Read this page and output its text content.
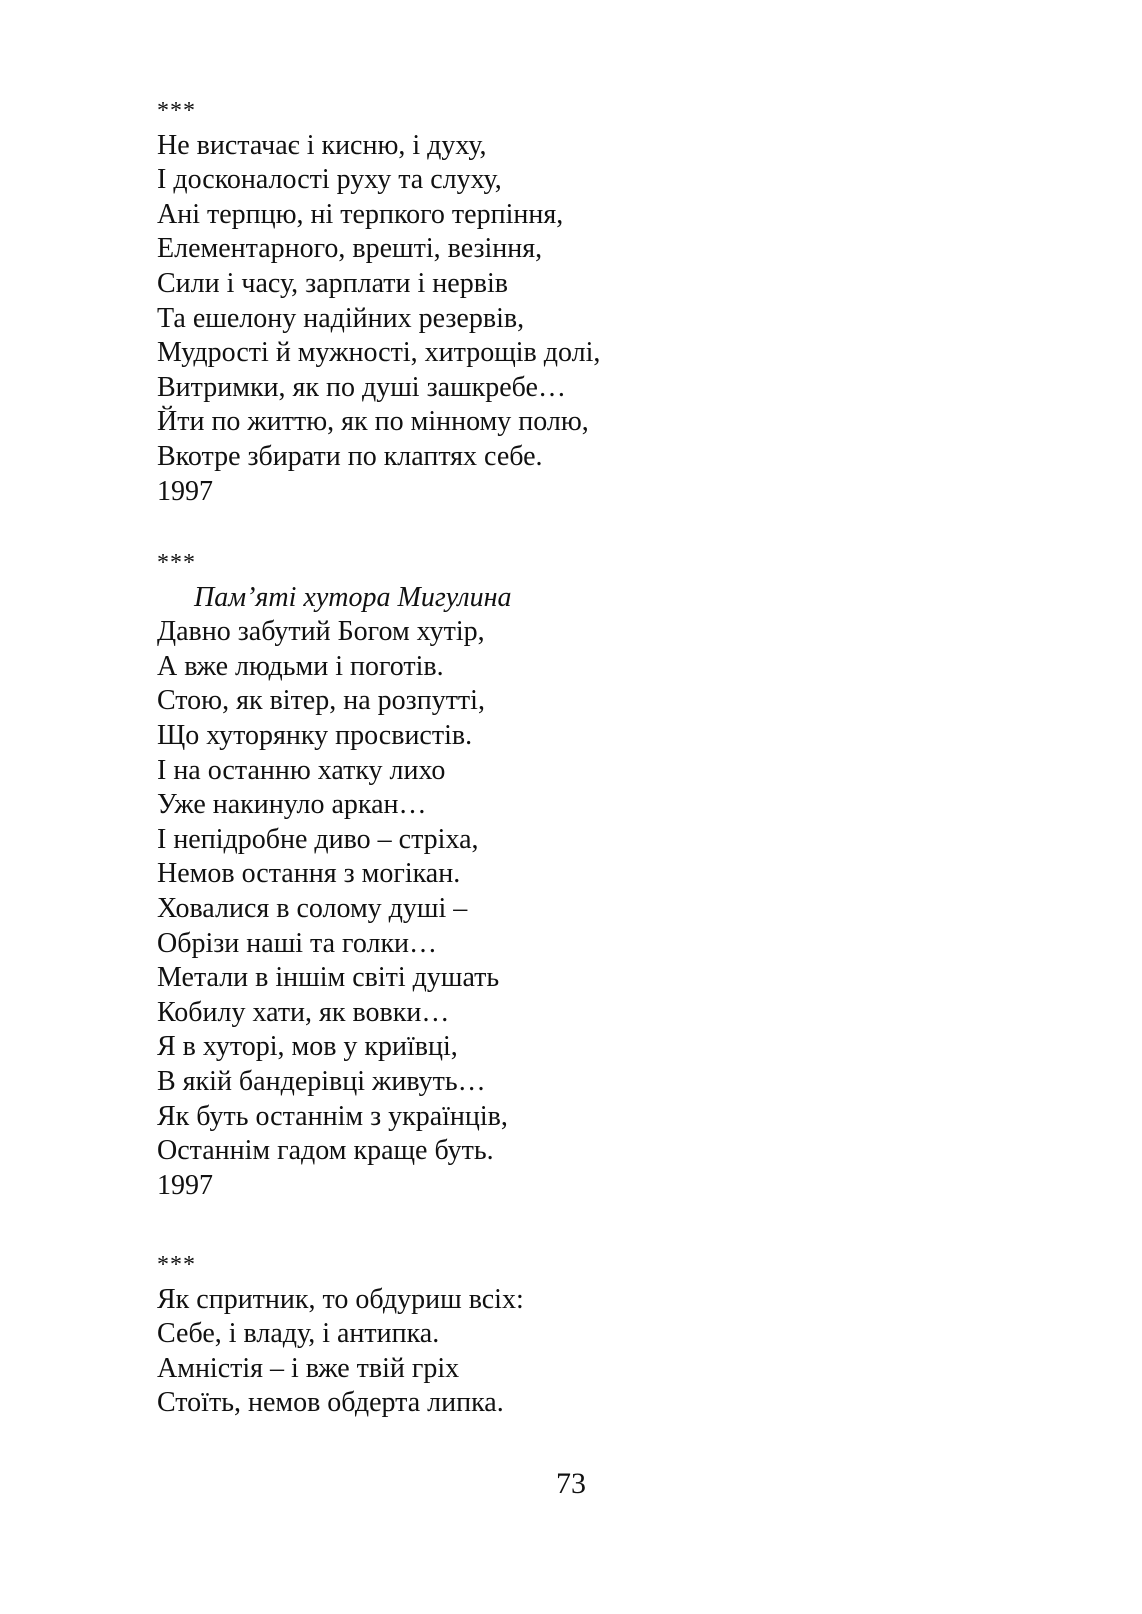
***
Не вистачає і кисню, і духу,
І досконалості руху та слуху,
Ані терпцю, ні терпкого терпіння,
Елементарного, врешті, везіння,
Сили і часу, зарплати і нервів
Та ешелону надійних резервів,
Мудрості й мужності, хитрощів долі,
Витримки, як по душі зашкребе…
Йти по життю, як по мінному полю,
Вкотре збирати по клаптях себе.
1997
***
Пам’яті хутора Мигулина
Давно забутий Богом хутір,
А вже людьми і поготів.
Стою, як вітер, на розпутті,
Що хуторянку просвистів.
І на останню хатку лихо
Уже накинуло аркан…
І непідробне диво – стріха,
Немов остання з могікан.
Ховалися в солому душі –
Обрізи наші та голки…
Метали в іншім світі душать
Кобилу хати, як вовки…
Я в хуторі, мов у криївці,
В якій бандерівці живуть…
Як буть останнім з українців,
Останнім гадом краще буть.
1997
***
Як спритник, то обдуриш всіх:
Себе, і владу, і антипка.
Амністія – і вже твій гріх
Стоїть, немов обдерта липка.
73
